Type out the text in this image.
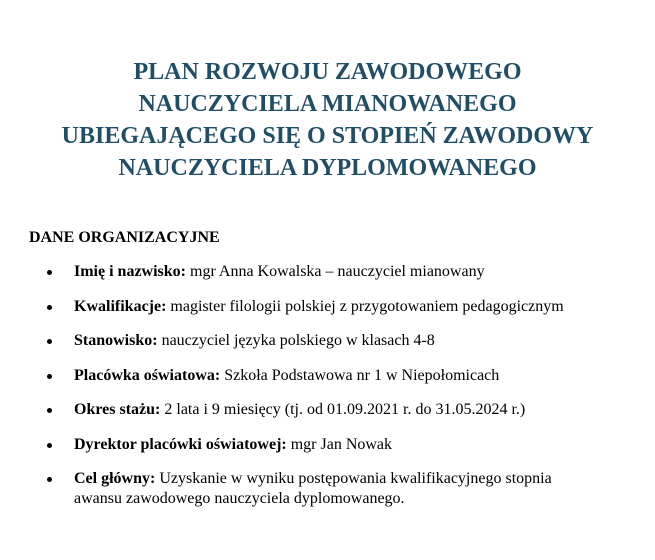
PLAN ROZWOJU ZAWODOWEGO
NAUCZYCIELA MIANOWANEGO
UBIEGAJĄCEGO SIĘ O STOPIEŃ ZAWODOWY
NAUCZYCIELA DYPLOMOWANEGO
DANE ORGANIZACYJNE
Imię i nazwisko: mgr Anna Kowalska – nauczyciel mianowany
Kwalifikacje: magister filologii polskiej z przygotowaniem pedagogicznym
Stanowisko: nauczyciel języka polskiego w klasach 4-8
Placówka oświatowa: Szkoła Podstawowa nr 1 w Niepołomicach
Okres stażu: 2 lata i 9 miesięcy (tj. od 01.09.2021 r. do 31.05.2024 r.)
Dyrektor placówki oświatowej: mgr Jan Nowak
Cel główny: Uzyskanie w wyniku postępowania kwalifikacyjnego stopnia awansu zawodowego nauczyciela dyplomowanego.
